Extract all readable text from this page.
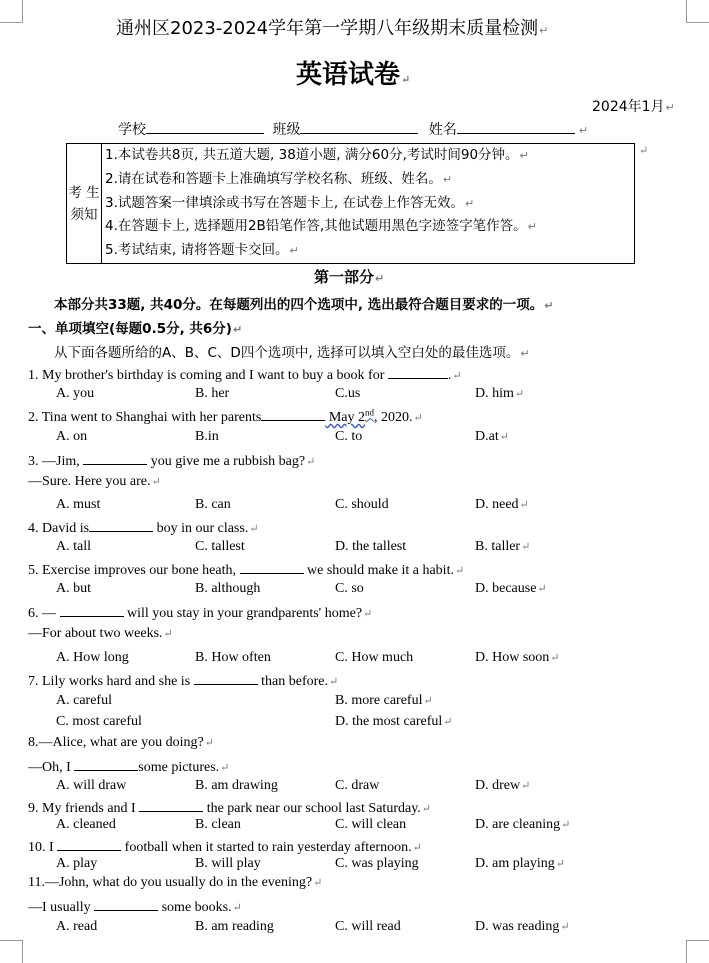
通州区2023-2024学年第一学期八年级期末质量检测↵
英语试卷↵
2024年1月↵
学校	班级	姓名	↵
考 生
须知

1.本试卷共8页, 共五道大题, 38道小题, 满分60分,考试时间90分钟。↵
2.请在试卷和答题卡上准确填写学校名称、班级、姓名。↵
3.试题答案一律填涂或书写在答题卡上, 在试卷上作答无效。↵
4.在答题卡上, 选择题用2B铅笔作答,其他试题用黑色字迹签字笔作答。↵
5.考试结束, 请将答题卡交回。↵
↵
第一部分↵
本部分共33题, 共40分。在每题列出的四个选项中, 选出最符合题目要求的一项。↵
一、单项填空(每题0.5分, 共6分)↵
从下面各题所给的A、B、C、D四个选项中, 选择可以填入空白处的最佳选项。↵
1. My brother's birthday is coming and I want to buy a book for	.↵
A. you	B. her	C.us	D. him↵
2. Tina went to Shanghai with her parents	May 2nd, 2020.↵
A. on	B.in	C. to	D.at↵
3. —Jim,	you give me a rubbish bag?↵
—Sure. Here you are.↵
A. must	B. can	C. should	D. need↵
4. David is	boy in our class.↵
A. tall	C. tallest	D. the tallest	B. taller↵
5. Exercise improves our bone heath,	we should make it a habit.↵
A. but	B. although	C. so	D. because↵
6. —	will you stay in your grandparents' home?↵
—For about two weeks.↵
A. How long	B. How often	C. How much	D. How soon↵
7. Lily works hard and she is	than before.↵
A. careful	B. more careful↵
C. most careful	D. the most careful↵
8.—Alice, what are you doing?↵
—Oh, I	some pictures.↵
A. will draw	B. am drawing	C. draw	D. drew↵
9. My friends and I	the park near our school last Saturday.↵
A. cleaned	B. clean	C. will clean	D. are cleaning↵
10. I	football when it started to rain yesterday afternoon.↵
A. play	B. will play	C. was playing	D. am playing↵
11.—John, what do you usually do in the evening?↵
—I usually	some books.↵
A. read	B. am reading	C. will read	D. was reading↵
